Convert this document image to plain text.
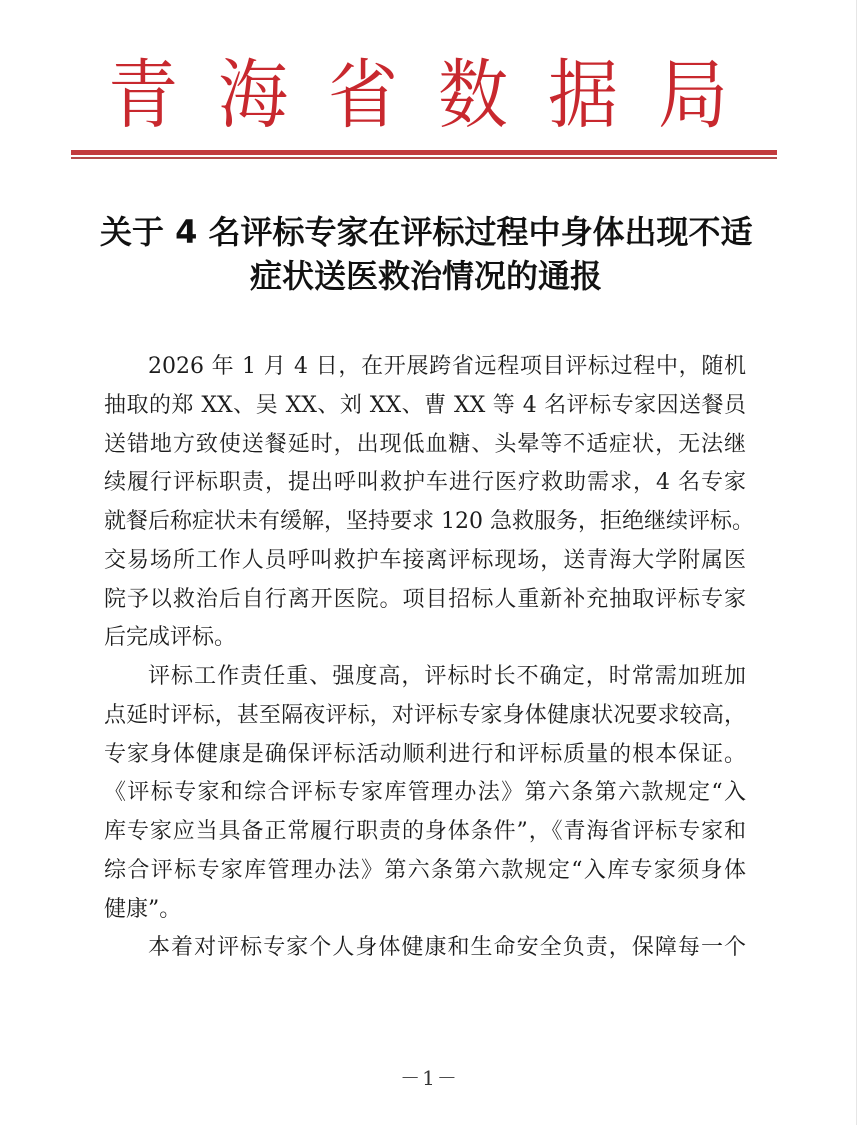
青 海 省 数 据 局
关于 4 名评标专家在评标过程中身体出现不适
症状送医救治情况的通报
2026 年 1 月 4 日，在开展跨省远程项目评标过程中，随机
抽取的郑 XX、吴 XX、刘 XX、曹 XX 等 4 名评标专家因送餐员
送错地方致使送餐延时，出现低血糖、头晕等不适症状，无法继
续履行评标职责，提出呼叫救护车进行医疗救助需求，4 名专家
就餐后称症状未有缓解，坚持要求 120 急救服务，拒绝继续评标。
交易场所工作人员呼叫救护车接离评标现场，送青海大学附属医
院予以救治后自行离开医院。项目招标人重新补充抽取评标专家
后完成评标。
评标工作责任重、强度高，评标时长不确定，时常需加班加
点延时评标，甚至隔夜评标，对评标专家身体健康状况要求较高，
专家身体健康是确保评标活动顺利进行和评标质量的根本保证。
《评标专家和综合评标专家库管理办法》第六条第六款规定“入
库专家应当具备正常履行职责的身体条件”，《青海省评标专家和
综合评标专家库管理办法》第六条第六款规定“入库专家须身体
健康”。
本着对评标专家个人身体健康和生命安全负责，保障每一个
－1－
